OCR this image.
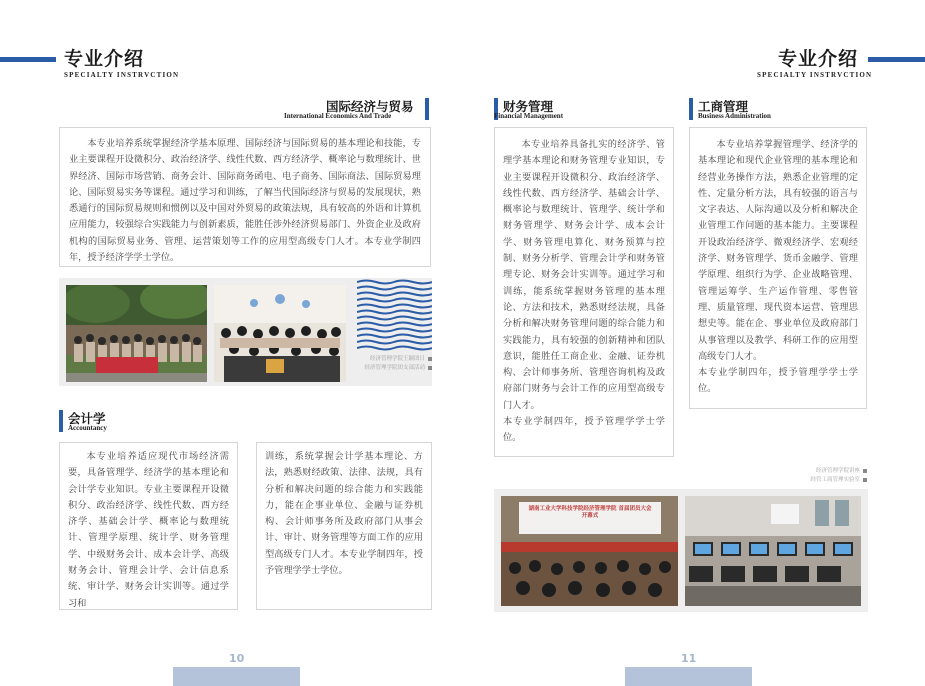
专业介绍
SPECIALTY INSTRVCTION
国际经济与贸易
International Economics And Trade

本专业培养系统掌握经济学基本原理、国际经济与国际贸易的基本理论和技能，专业主要课程开设微积分、政治经济学、线性代数、西方经济学、概率论与数理统计、世界经济、国际市场营销、商务会计、国际商务函电、电子商务、国际商法、国际贸易理论、国际贸易实务等课程。通过学习和训练，了解当代国际经济与贸易的发展现状，熟悉通行的国际贸易规则和惯例以及中国对外贸易的政策法规，具有较高的外语和计算机应用能力，较强综合实践能力与创新素质，能胜任涉外经济贸易部门、外资企业及政府机构的国际贸易业务、管理、运营策划等工作的应用型高级专门人才。本专业学制四年，授予经济学学士学位。

经济管理学院王颖团日
经济管理学院团支部活动
会计学
Accountancy

本专业培养适应现代市场经济需要，具备管理学、经济学的基本理论和会计学专业知识。专业主要课程开设微积分、政治经济学、线性代数、西方经济学、基础会计学、概率论与数理统计、管理学原理、统计学、财务管理学、中级财务会计、成本会计学、高级财务会计、管理会计学、会计信息系统、审计学、财务会计实训等。通过学习和

训练，系统掌握会计学基本理论、方法，熟悉财经政策、法律、法规，具有分析和解决问题的综合能力和实践能力，能在企事业单位、金融与证券机构、会计师事务所及政府部门从事会计、审计、财务管理等方面工作的应用型高级专门人才。本专业学制四年，授予管理学学士学位。

10
专业介绍
SPECIALTY INSTRVCTION
财务管理
Financial Management

本专业培养具备扎实的经济学、管理学基本理论和财务管理专业知识，专业主要课程开设微积分、政治经济学、线性代数、西方经济学、基础会计学、概率论与数理统计、管理学、统计学和财务管理学、财务会计学、成本会计学、财务管理电算化、财务预算与控制、财务分析学、管理会计学和财务管理专论、财务会计实训等。通过学习和训练，能系统掌握财务管理的基本理论、方法和技术，熟悉财经法规，具备分析和解决财务管理问题的综合能力和实践能力，具有较强的创新精神和团队意识，能胜任工商企业、金融、证券机构、会计师事务所、管理咨询机构及政府部门财务与会计工作的应用型高级专门人才。

本专业学制四年，授予管理学学士学位。

工商管理
Business Administration

本专业培养掌握管理学、经济学的基本理论和现代企业管理的基本理论和经营业务操作方法，熟悉企业管理的定性、定量分析方法，具有较强的语言与文字表达、人际沟通以及分析和解决企业管理工作问题的基本能力。主要课程开设政治经济学、微观经济学、宏观经济学、财务管理学、货币金融学、管理学原理、组织行为学、企业战略管理、管理运筹学、生产运作管理、零售管理、质量管理、现代资本运营、管理思想史等。能在企、事业单位及政府部门从事管理以及教学、科研工作的应用型高级专门人才。

本专业学制四年，授予管理学学士学位。

经济管理学院讲座
经管工商管理实验室
湖南工业大学科技学院经济管理学院 首届团员大会 开幕式
11
